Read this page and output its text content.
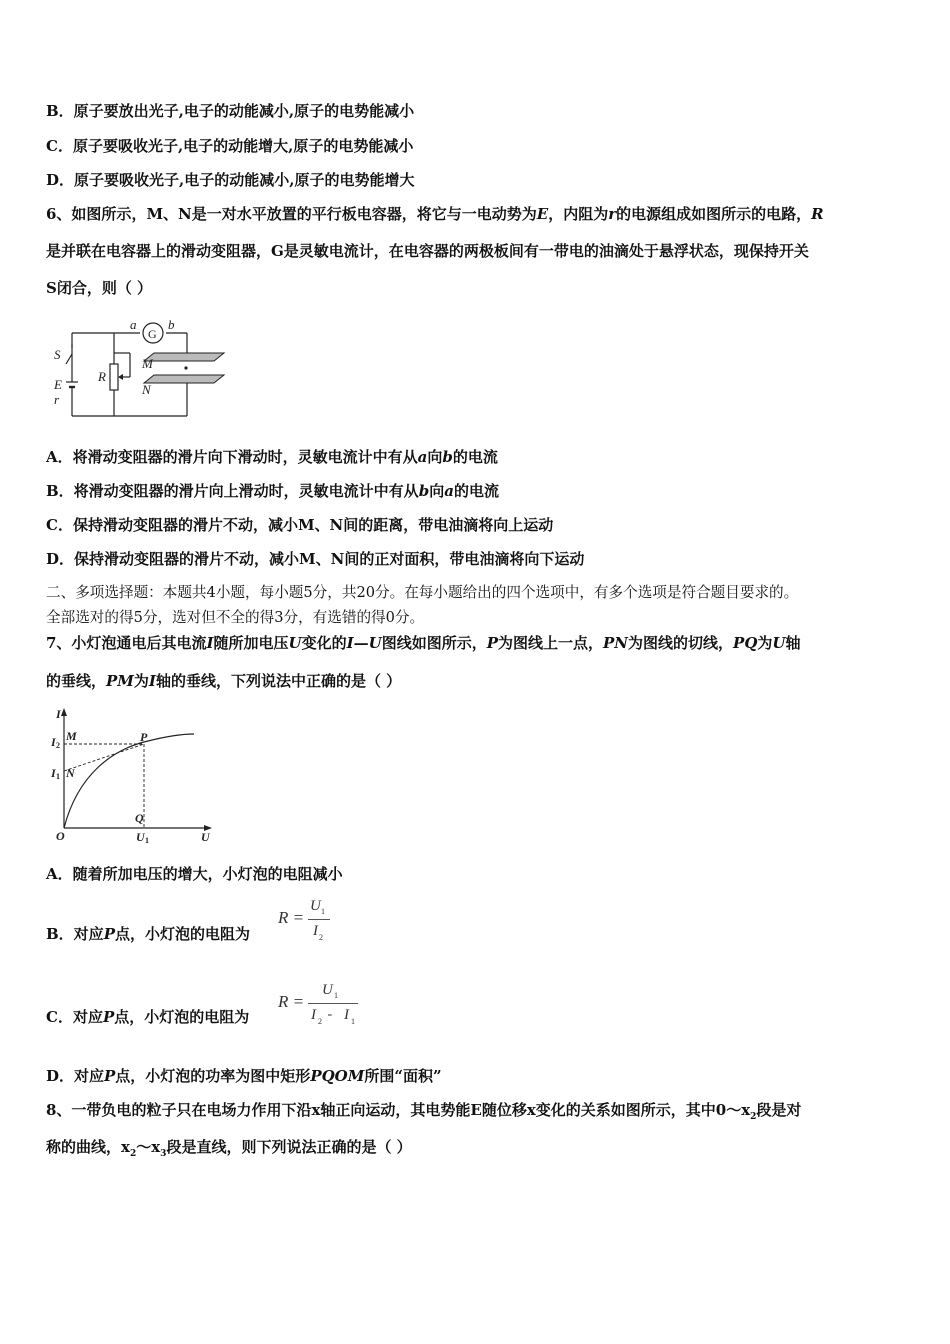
B．原子要放出光子,电子的动能减小,原子的电势能减小
C．原子要吸收光子,电子的动能增大,原子的电势能减小
D．原子要吸收光子,电子的动能减小,原子的电势能增大
6、如图所示，M、N是一对水平放置的平行板电容器，将它与一电动势为E，内阻为r的电源组成如图所示的电路，R
是并联在电容器上的滑动变阻器，G是灵敏电流计，在电容器的两极板间有一带电的油滴处于悬浮状态，现保持开关
S闭合，则（ ）
a
G
b
S
M
R
N
E
r
A．将滑动变阻器的滑片向下滑动时，灵敏电流计中有从a向b的电流
B．将滑动变阻器的滑片向上滑动时，灵敏电流计中有从b向a的电流
C．保持滑动变阻器的滑片不动，减小M、N间的距离，带电油滴将向上运动
D．保持滑动变阻器的滑片不动，减小M、N间的正对面积，带电油滴将向下运动
二、多项选择题：本题共4小题，每小题5分，共20分。在每小题给出的四个选项中，有多个选项是符合题目要求的。
全部选对的得5分，选对但不全的得3分，有选错的得0分。
7、小灯泡通电后其电流I随所加电压U变化的I—U图线如图所示，P为图线上一点，PN为图线的切线，PQ为U轴
的垂线，PM为I轴的垂线，下列说法中正确的是（ ）
I
I 2
M	P
I 1 N
O
Q
U 1	U
A．随着所加电压的增大，小灯泡的电阻减小
B．对应P点，小灯泡的电阻为
R =
U 1
I 2
C．对应P点，小灯泡的电阻为
R =
U 1
I 2 - I 1
D．对应P点，小灯泡的功率为图中矩形PQOM所围“面积”
8、一带负电的粒子只在电场力作用下沿x轴正向运动，其电势能E随位移x变化的关系如图所示，其中$0\sim x_2$段是对
称的曲线，$x_2\sim x_3$段是直线，则下列说法正确的是（ ）
